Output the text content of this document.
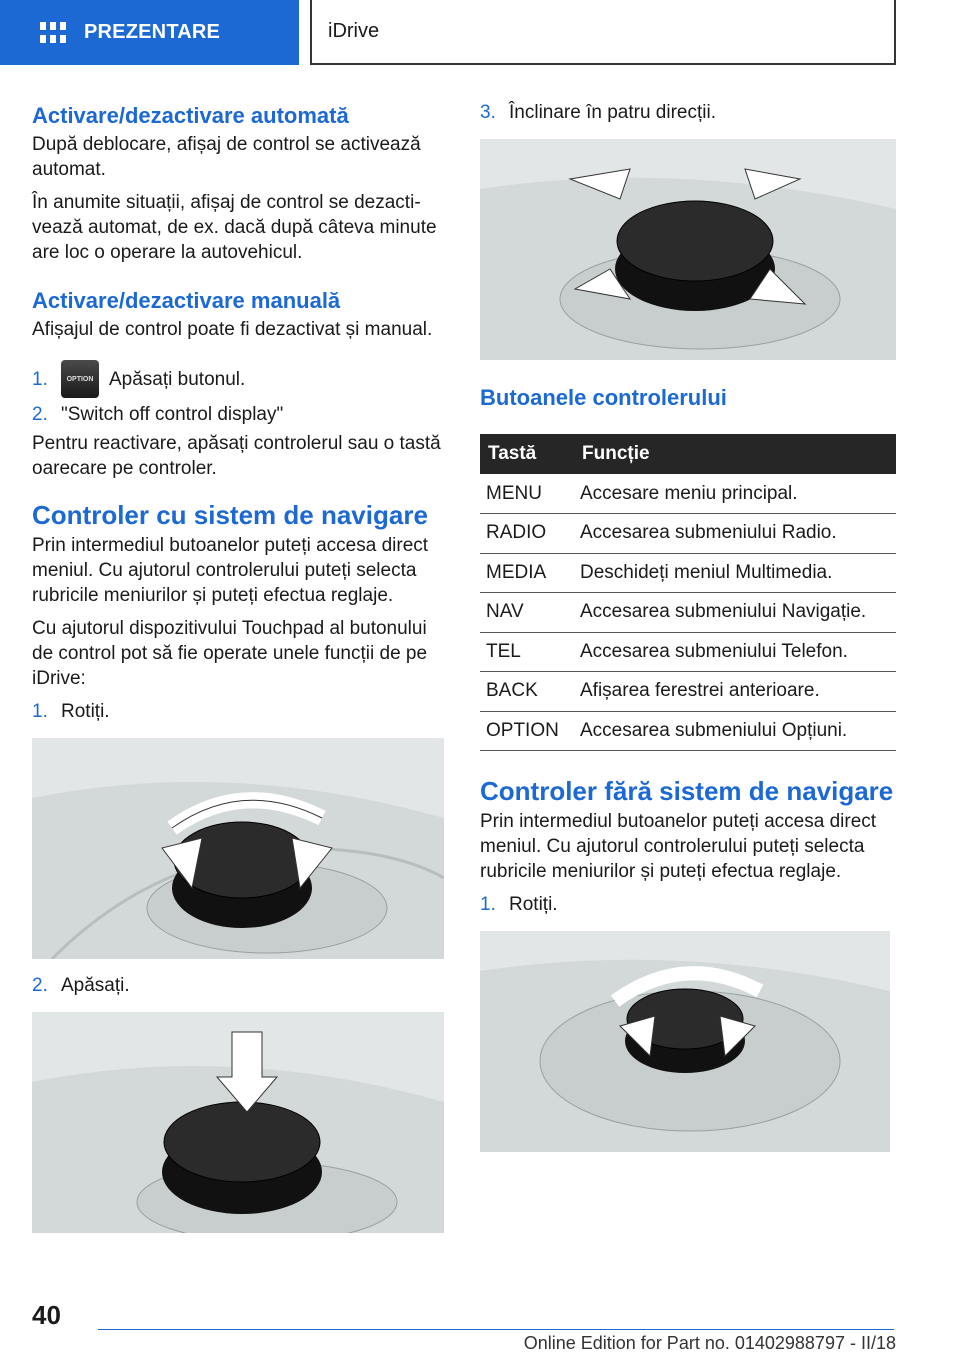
PREZENTARE	iDrive
Activare/dezactivare automată

După deblocare, afișaj de control se activează automat.

În anumite situații, afișaj de control se dezactivează automat, de ex. dacă după câteva minute are loc o operare la autovehicul.

Activare/dezactivare manuală

Afișajul de control poate fi dezactivat și manual.

1.	OPTION Apăsați butonul.
2. "Switch off control display"

Pentru reactivare, apăsați controlerul sau o tastă oarecare pe controler.

Controler cu sistem de navigare

Prin intermediul butoanelor puteți accesa direct meniul. Cu ajutorul controlerului puteți selecta rubricile meniurilor și puteți efectua reglaje.

Cu ajutorul dispozitivului Touchpad al butonului de control pot să fie operate unele funcții de pe iDrive:

1. Rotiți.
2. Apăsați.
3. Înclinare în patru direcții.
Butoanele controlerului
Tastă	Funcție
MENU	Accesare meniu principal.
RADIO	Accesarea submeniului Radio.
MEDIA	Deschideți meniul Multimedia.
NAV	Accesarea submeniului Navigație.
TEL	Accesarea submeniului Telefon.
BACK	Afișarea ferestrei anterioare.
OPTION	Accesarea submeniului Opțiuni.
Controler fără sistem de navigare

Prin intermediul butoanelor puteți accesa direct meniul. Cu ajutorul controlerului puteți selecta rubricile meniurilor și puteți efectua reglaje.

1. Rotiți.
40
Online Edition for Part no. 01402988797 - II/18
